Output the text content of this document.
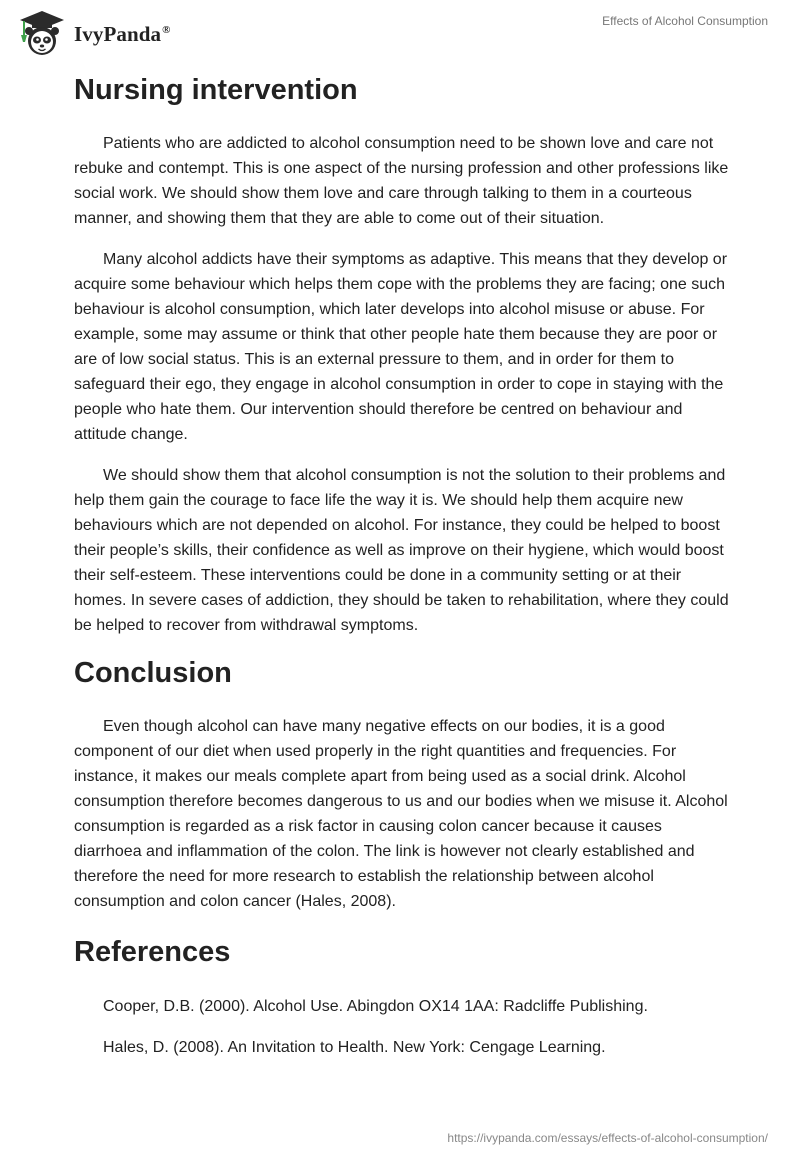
IvyPanda®
Effects of Alcohol Consumption
Nursing intervention

Patients who are addicted to alcohol consumption need to be shown love and care not rebuke and contempt. This is one aspect of the nursing profession and other professions like social work. We should show them love and care through talking to them in a courteous manner, and showing them that they are able to come out of their situation.

Many alcohol addicts have their symptoms as adaptive. This means that they develop or acquire some behaviour which helps them cope with the problems they are facing; one such behaviour is alcohol consumption, which later develops into alcohol misuse or abuse. For example, some may assume or think that other people hate them because they are poor or are of low social status. This is an external pressure to them, and in order for them to safeguard their ego, they engage in alcohol consumption in order to cope in staying with the people who hate them. Our intervention should therefore be centred on behaviour and attitude change.

We should show them that alcohol consumption is not the solution to their problems and help them gain the courage to face life the way it is. We should help them acquire new behaviours which are not depended on alcohol. For instance, they could be helped to boost their people’s skills, their confidence as well as improve on their hygiene, which would boost their self-esteem. These interventions could be done in a community setting or at their homes. In severe cases of addiction, they should be taken to rehabilitation, where they could be helped to recover from withdrawal symptoms.

Conclusion

Even though alcohol can have many negative effects on our bodies, it is a good component of our diet when used properly in the right quantities and frequencies. For instance, it makes our meals complete apart from being used as a social drink. Alcohol consumption therefore becomes dangerous to us and our bodies when we misuse it. Alcohol consumption is regarded as a risk factor in causing colon cancer because it causes diarrhoea and inflammation of the colon. The link is however not clearly established and therefore the need for more research to establish the relationship between alcohol consumption and colon cancer (Hales, 2008).

References

Cooper, D.B. (2000). Alcohol Use. Abingdon OX14 1AA: Radcliffe Publishing.

Hales, D. (2008). An Invitation to Health. New York: Cengage Learning.

https://ivypanda.com/essays/effects-of-alcohol-consumption/
